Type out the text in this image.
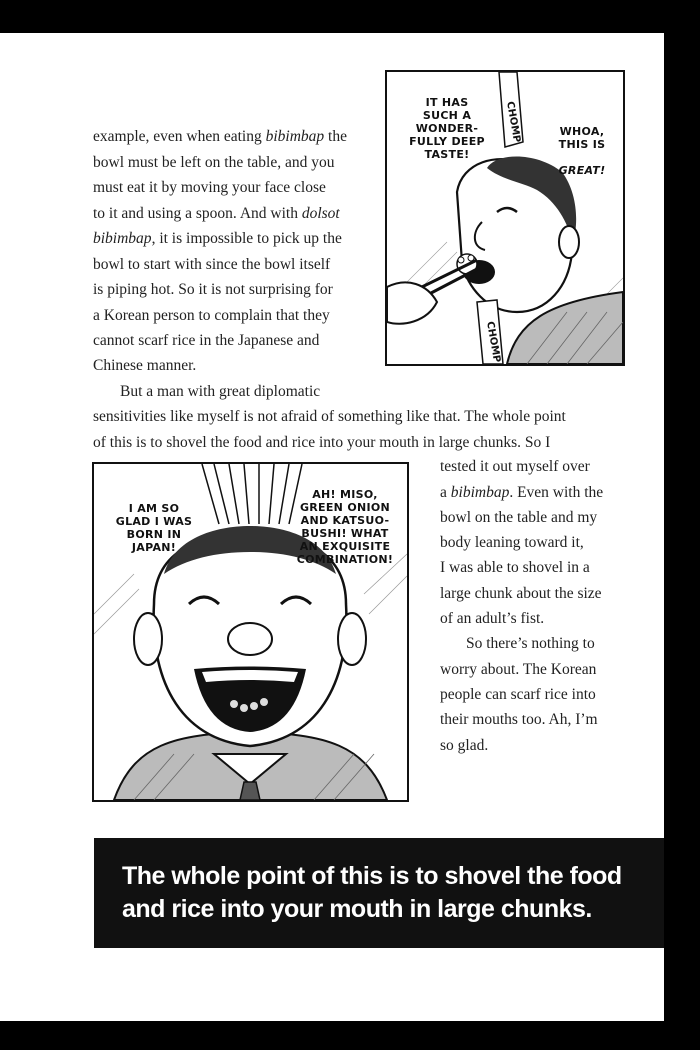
CHOMP
CHOMP
IT HAS
SUCH A
WONDER-
FULLY DEEP
TASTE!

WHOA,
THIS IS

GREAT!

example, even when eating bibimbap the
bowl must be left on the table, and you
must eat it by moving your face close
to it and using a spoon. And with dolsot
bibimbap, it is impossible to pick up the
bowl to start with since the bowl itself
is piping hot. So it is not surprising for
a Korean person to complain that they
cannot scarf rice in the Japanese and
Chinese manner.
But a man with great diplomatic
sensitivities like myself is not afraid of something like that. The whole point
of this is to shovel the food and rice into your mouth in large chunks. So I
I AM SO
GLAD I WAS
BORN IN
JAPAN!
AH! MISO,
GREEN ONION
AND KATSUO-
BUSHI! WHAT
AN EXQUISITE
COMBINATION!
tested it out myself over
a bibimbap. Even with the
bowl on the table and my
body leaning toward it,
I was able to shovel in a
large chunk about the size
of an adult’s fist.
So there’s nothing to
worry about. The Korean
people can scarf rice into
their mouths too. Ah, I’m
so glad.
The whole point of this is to shovel the food
and rice into your mouth in large chunks.
